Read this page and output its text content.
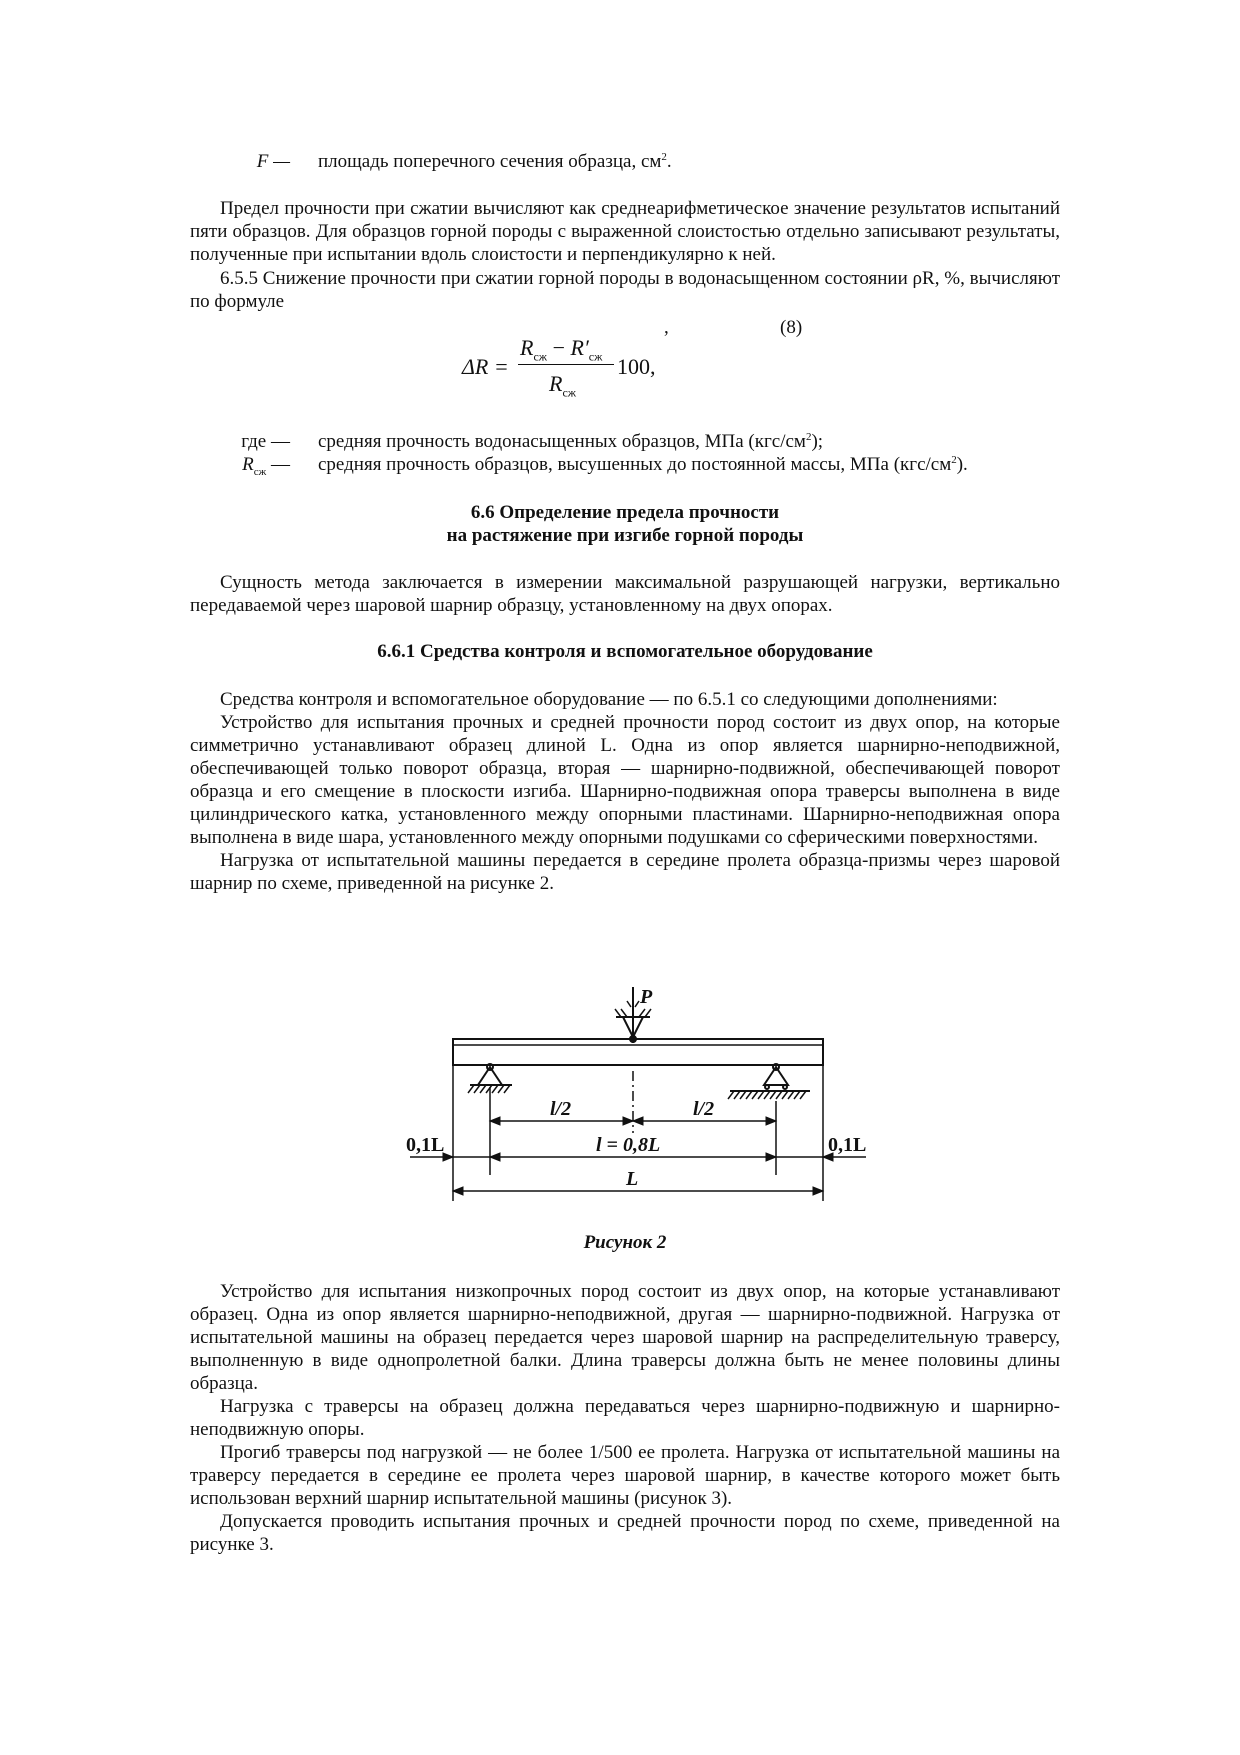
F — площадь поперечного сечения образца, $см^2$.

Предел прочности при сжатии вычисляют как среднеарифметическое значение результатов испытаний пяти образцов. Для образцов горной породы с выраженной слоистостью отдельно записывают результаты, полученные при испытании вдоль слоистости и перпендикулярно к ней.

6.5.5 Снижение прочности при сжатии горной породы в водонасыщенном состоянии ρR, %, вычисляют по формуле

,	(8)
ΔR =
$R_{сж} - R'_{сж}$
$R_{сж}$
100,
где — средняя прочность водонасыщенных образцов, МПа $(кгс/см^2)$;
$R_{сж}$ — средняя прочность образцов, высушенных до постоянной массы, МПа $(кгс/см^2)$.
6.6 Определение предела прочности
на растяжение при изгибе горной породы

Сущность метода заключается в измерении максимальной разрушающей нагрузки, вертикально передаваемой через шаровой шарнир образцу, установленному на двух опорах.

6.6.1 Средства контроля и вспомогательное оборудование

Средства контроля и вспомогательное оборудование — по 6.5.1 со следующими дополнениями:

Устройство для испытания прочных и средней прочности пород состоит из двух опор, на которые симметрично устанавливают образец длиной L. Одна из опор является шарнирно-неподвижной, обеспечивающей только поворот образца, вторая — шарнирно-подвижной, обеспечивающей поворот образца и его смещение в плоскости изгиба. Шарнирно-подвижная опора траверсы выполнена в виде цилиндрического катка, установленного между опорными пластинами. Шарнирно-неподвижная опора выполнена в виде шара, установленного между опорными подушками со сферическими поверхностями.

Нагрузка от испытательной машины передается в середине пролета образца-призмы через шаровой шарнир по схеме, приведенной на рисунке 2.

P
l/2	l/2
l = 0,8L
0,1L	0,1L
L
Рисунок 2

Устройство для испытания низкопрочных пород состоит из двух опор, на которые устанавливают образец. Одна из опор является шарнирно-неподвижной, другая — шарнирно-подвижной. Нагрузка от испытательной машины на образец передается через шаровой шарнир на распределительную траверсу, выполненную в виде однопролетной балки. Длина траверсы должна быть не менее половины длины образца.

Нагрузка с траверсы на образец должна передаваться через шарнирно-подвижную и шарнирно-неподвижную опоры.

Прогиб траверсы под нагрузкой — не более 1/500 ее пролета. Нагрузка от испытательной машины на траверсу передается в середине ее пролета через шаровой шарнир, в качестве которого может быть использован верхний шарнир испытательной машины (рисунок 3).

Допускается проводить испытания прочных и средней прочности пород по схеме, приведенной на рисунке 3.
